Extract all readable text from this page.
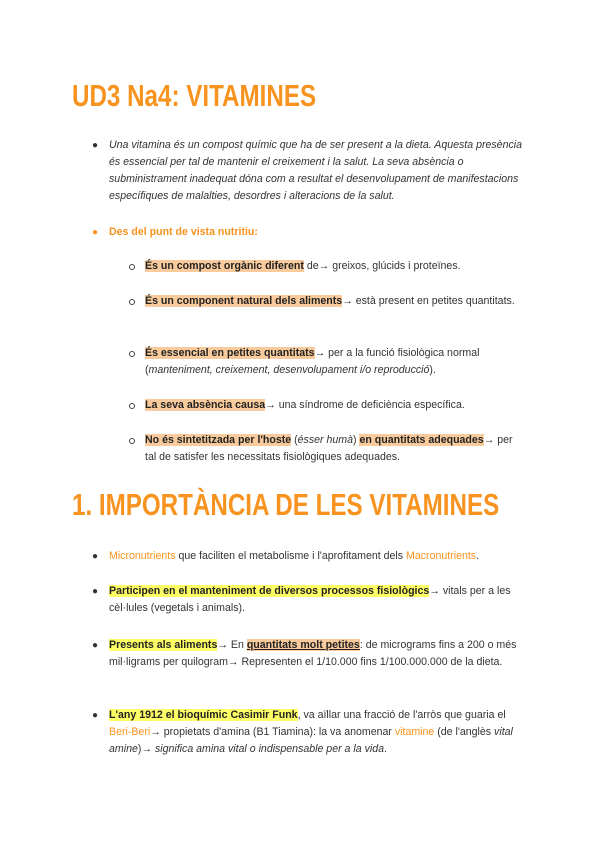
UD3 Na4: VITAMINES
● Una vitamina és un compost químic que ha de ser present a la dieta. Aquesta presència és essencial per tal de mantenir el creixement i la salut. La seva absència o subministrament inadequat dóna com a resultat el desenvolupament de manifestacions específiques de malalties, desordres i alteracions de la salut.
● Des del punt de vista nutritiu:
És un compost orgànic diferent de→ greixos, glúcids i proteïnes.
És un component natural dels aliments→ està present en petites quantitats.
És essencial en petites quantitats→ per a la funció fisiològica normal (manteniment, creixement, desenvolupament i/o reproducció).
La seva absència causa→ una síndrome de deficiència específica.
No és sintetitzada per l'hoste (ésser humà) en quantitats adequades→ per tal de satisfer les necessitats fisiològiques adequades.
1. IMPORTÀNCIA DE LES VITAMINES
● Micronutrients que faciliten el metabolisme i l'aprofitament dels Macronutrients.
● Participen en el manteniment de diversos processos fisiològics→ vitals per a les cèl·lules (vegetals i animals).
● Presents als aliments→ En quantitats molt petites: de micrograms fins a 200 o més mil·ligrams per quilogram→ Representen el 1/10.000 fins 1/100.000.000 de la dieta.
● L'any 1912 el bioquímic Casimir Funk, va aïllar una fracció de l'arròs que guaria el Beri-Beri→ propietats d'amina (B1 Tiamina): la va anomenar vitamine (de l'anglès vital amine)→ significa amina vital o indispensable per a la vida.
